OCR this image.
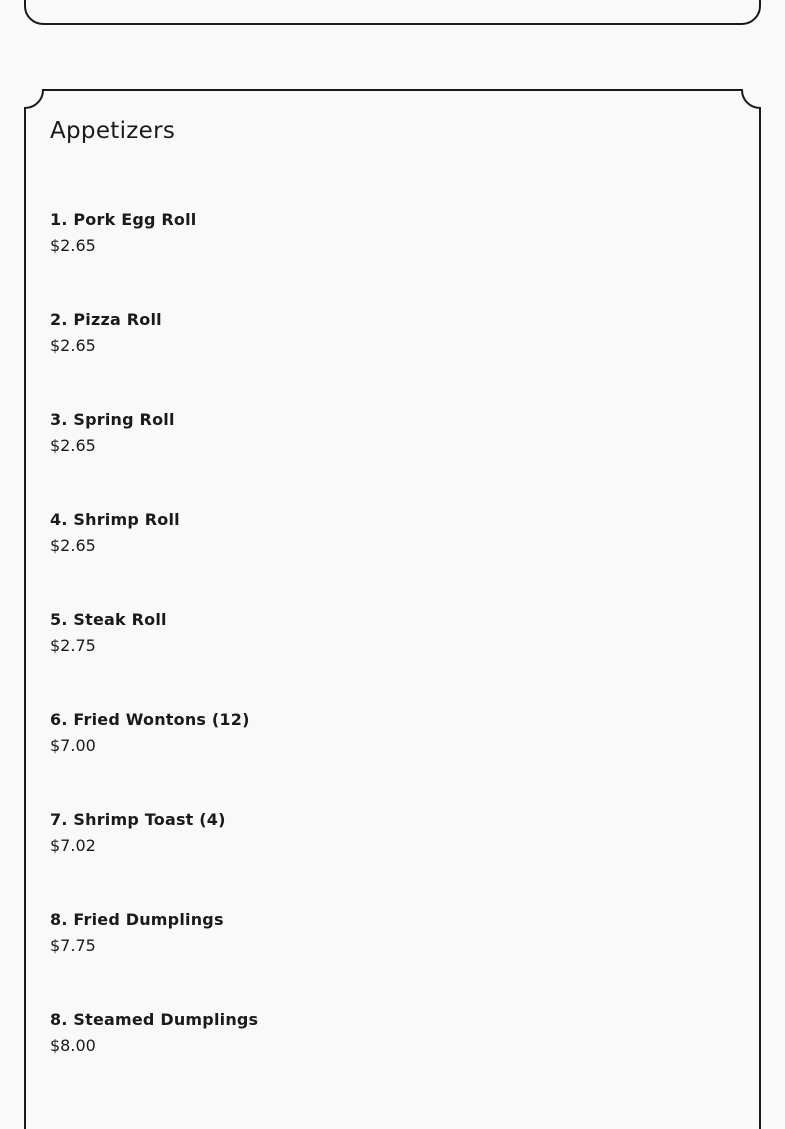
Appetizers
1. Pork Egg Roll
$2.65
2. Pizza Roll
$2.65
3. Spring Roll
$2.65
4. Shrimp Roll
$2.65
5. Steak Roll
$2.75
6. Fried Wontons (12)
$7.00
7. Shrimp Toast (4)
$7.02
8. Fried Dumplings
$7.75
8. Steamed Dumplings
$8.00
